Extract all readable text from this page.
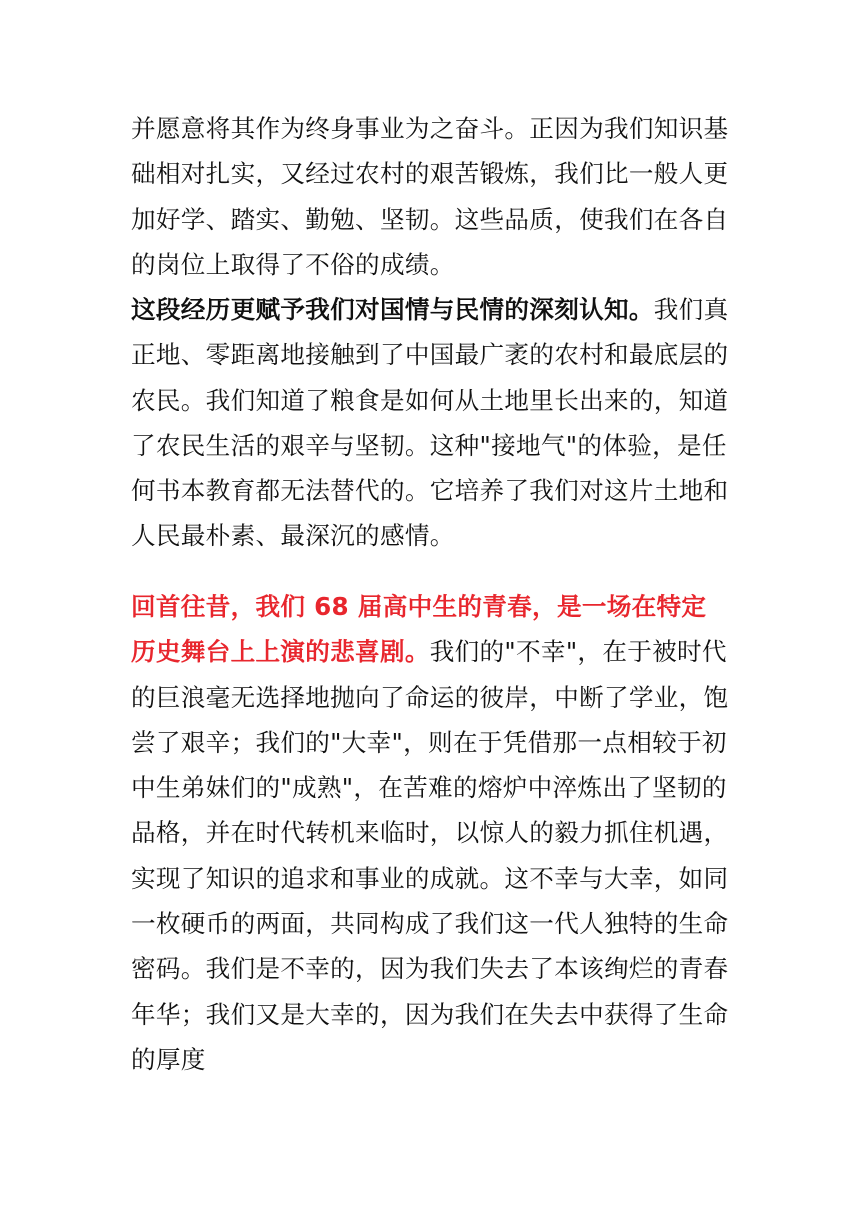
并愿意将其作为终身事业为之奋斗。正因为我们知识基础相对扎实，又经过农村的艰苦锻炼，我们比一般人更加好学、踏实、勤勉、坚韧。这些品质，使我们在各自的岗位上取得了不俗的成绩。

这段经历更赋予我们对国情与民情的深刻认知。我们真正地、零距离地接触到了中国最广袤的农村和最底层的农民。我们知道了粮食是如何从土地里长出来的，知道了农民生活的艰辛与坚韧。这种"接地气"的体验，是任何书本教育都无法替代的。它培养了我们对这片土地和人民最朴素、最深沉的感情。

回首往昔，我们 68 届高中生的青春，是一场在特定历史舞台上上演的悲喜剧。我们的"不幸"，在于被时代的巨浪毫无选择地抛向了命运的彼岸，中断了学业，饱尝了艰辛；我们的"大幸"，则在于凭借那一点相较于初中生弟妹们的"成熟"，在苦难的熔炉中淬炼出了坚韧的品格，并在时代转机来临时，以惊人的毅力抓住机遇，实现了知识的追求和事业的成就。这不幸与大幸，如同一枚硬币的两面，共同构成了我们这一代人独特的生命密码。我们是不幸的，因为我们失去了本该绚烂的青春年华；我们又是大幸的，因为我们在失去中获得了生命的厚度
